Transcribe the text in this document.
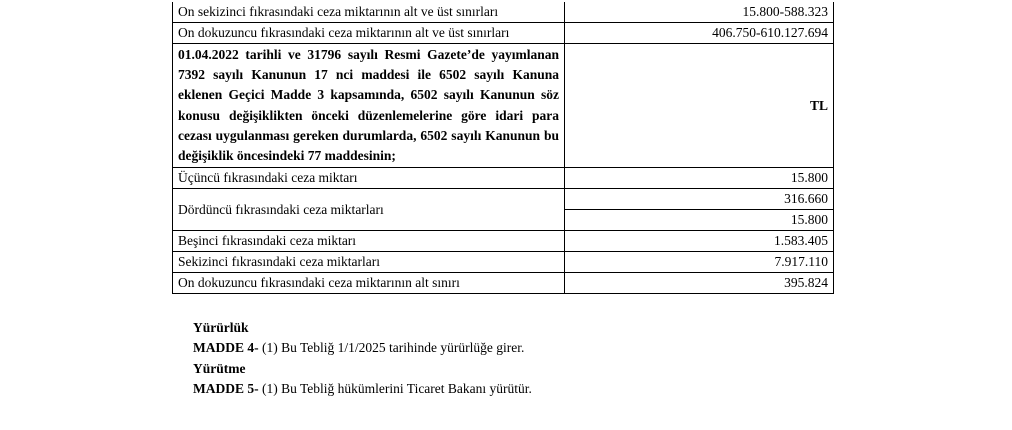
On sekizinci fıkrasındaki ceza miktarının alt ve üst sınırları	15.800-588.323
On dokuzuncu fıkrasındaki ceza miktarının alt ve üst sınırları	406.750-610.127.694
01.04.2022 tarihli ve 31796 sayılı Resmi Gazete’de yayımlanan 7392 sayılı Kanunun 17 nci maddesi ile 6502 sayılı Kanuna eklenen Geçici Madde 3 kapsamında, 6502 sayılı Kanunun söz konusu değişiklikten önceki düzenlemelerine göre idari para cezası uygulanması gereken durumlarda, 6502 sayılı Kanunun bu değişiklik öncesindeki 77 maddesinin;	TL
Üçüncü fıkrasındaki ceza miktarı	15.800
Dördüncü fıkrasındaki ceza miktarları	316.660
	15.800
Beşinci fıkrasındaki ceza miktarı	1.583.405
Sekizinci fıkrasındaki ceza miktarları	7.917.110
On dokuzuncu fıkrasındaki ceza miktarının alt sınırı	395.824
Yürürlük
MADDE 4- (1) Bu Tebliğ 1/1/2025 tarihinde yürürlüğe girer.
Yürütme
MADDE 5- (1) Bu Tebliğ hükümlerini Ticaret Bakanı yürütür.
